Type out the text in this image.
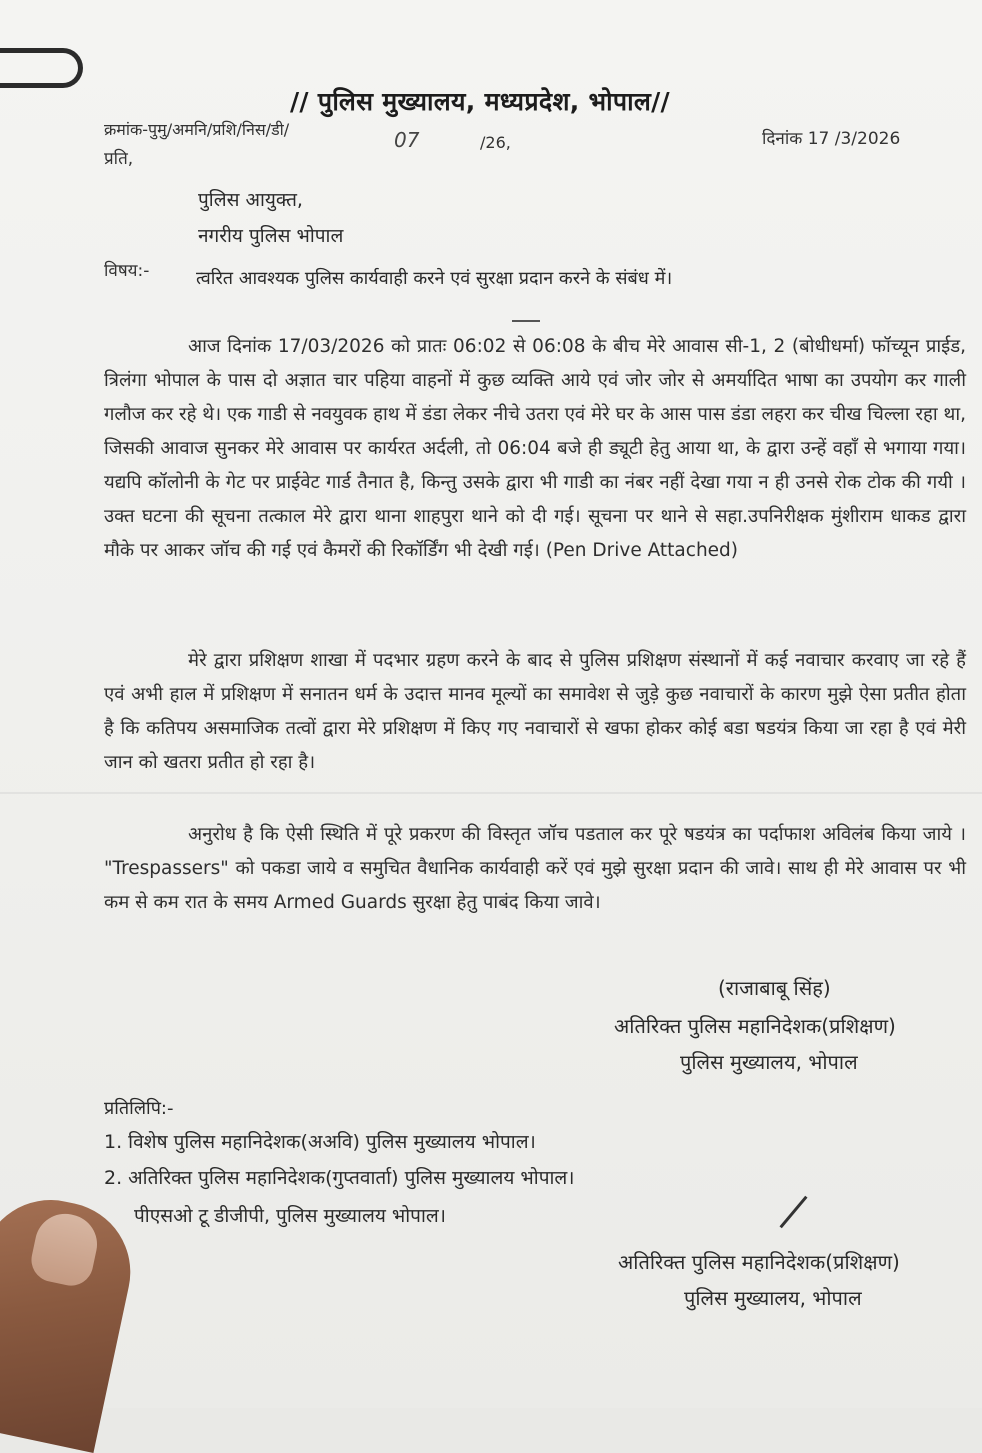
// पुलिस मुख्यालय, मध्यप्रदेश, भोपाल//
क्रमांक-पुमु/अमनि/प्रशि/निस/डी/	07	/26,	दिनांक 17 /3/2026
प्रति,
पुलिस आयुक्त,
नगरीय पुलिस भोपाल
विषय:-	त्वरित आवश्यक पुलिस कार्यवाही करने एवं सुरक्षा प्रदान करने के संबंध में।

आज दिनांक 17/03/2026 को प्रातः 06:02 से 06:08 के बीच मेरे आवास सी-1, 2 (बोधीधर्मा) फॉच्यून प्राईड, त्रिलंगा भोपाल के पास दो अज्ञात चार पहिया वाहनों में कुछ व्यक्ति आये एवं जोर जोर से अमर्यादित भाषा का उपयोग कर गाली गलौज कर रहे थे। एक गाडी से नवयुवक हाथ में डंडा लेकर नीचे उतरा एवं मेरे घर के आस पास डंडा लहरा कर चीख चिल्ला रहा था, जिसकी आवाज सुनकर मेरे आवास पर कार्यरत अर्दली, तो 06:04 बजे ही ड्यूटी हेतु आया था, के द्वारा उन्हें वहाँ से भगाया गया। यद्यपि कॉलोनी के गेट पर प्राईवेट गार्ड तैनात है, किन्तु उसके द्वारा भी गाडी का नंबर नहीं देखा गया न ही उनसे रोक टोक की गयी । उक्त घटना की सूचना तत्काल मेरे द्वारा थाना शाहपुरा थाने को दी गई। सूचना पर थाने से सहा.उपनिरीक्षक मुंशीराम धाकड द्वारा मौके पर आकर जॉच की गई एवं कैमरों की रिकॉर्डिंग भी देखी गई। (Pen Drive Attached)

मेरे द्वारा प्रशिक्षण शाखा में पदभार ग्रहण करने के बाद से पुलिस प्रशिक्षण संस्थानों में कई नवाचार करवाए जा रहे हैं एवं अभी हाल में प्रशिक्षण में सनातन धर्म के उदात्त मानव मूल्यों का समावेश से जुड़े कुछ नवाचारों के कारण मुझे ऐसा प्रतीत होता है कि कतिपय असमाजिक तत्वों द्वारा मेरे प्रशिक्षण में किए गए नवाचारों से खफा होकर कोई बडा षडयंत्र किया जा रहा है एवं मेरी जान को खतरा प्रतीत हो रहा है।

अनुरोध है कि ऐसी स्थिति में पूरे प्रकरण की विस्तृत जॉच पडताल कर पूरे षडयंत्र का पर्दाफाश अविलंब किया जाये । "Trespassers" को पकडा जाये व समुचित वैधानिक कार्यवाही करें एवं मुझे सुरक्षा प्रदान की जावे। साथ ही मेरे आवास पर भी कम से कम रात के समय Armed Guards सुरक्षा हेतु पाबंद किया जावे।

(राजाबाबू सिंह)
अतिरिक्त पुलिस महानिदेशक(प्रशिक्षण)
पुलिस मुख्यालय, भोपाल
प्रतिलिपि:-
1. विशेष पुलिस महानिदेशक(अअवि) पुलिस मुख्यालय भोपाल।
2. अतिरिक्त पुलिस महानिदेशक(गुप्तवार्ता) पुलिस मुख्यालय भोपाल।
पीएसओ टू डीजीपी, पुलिस मुख्यालय भोपाल।
अतिरिक्त पुलिस महानिदेशक(प्रशिक्षण)
पुलिस मुख्यालय, भोपाल
